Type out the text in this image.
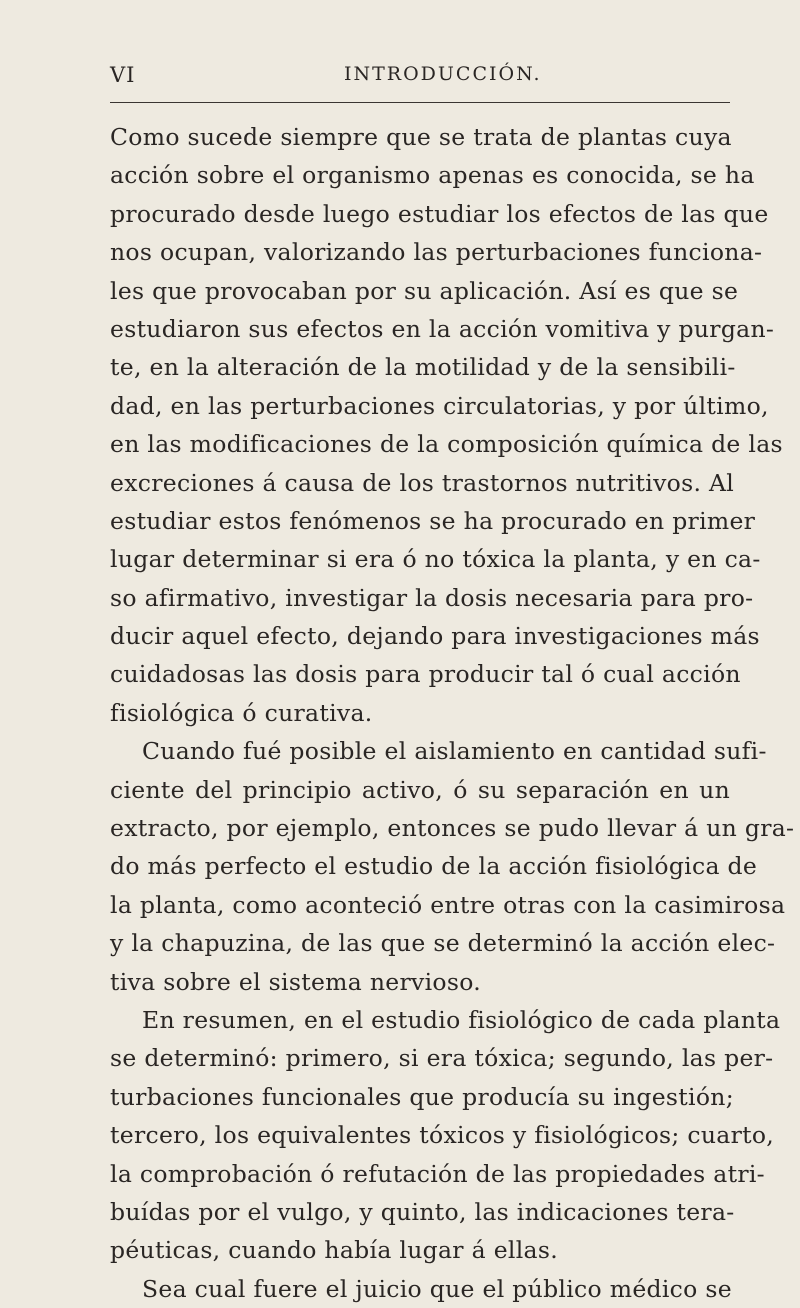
VI	INTRODUCCIÓN.
Como sucede siempre que se trata de plantas cuya
acción sobre el organismo apenas es conocida, se ha
procurado desde luego estudiar los efectos de las que
nos ocupan, valorizando las perturbaciones funciona-
les que provocaban por su aplicación. Así es que se
estudiaron sus efectos en la acción vomitiva y purgan-
te, en la alteración de la motilidad y de la sensibili-
dad, en las perturbaciones circulatorias, y por último,
en las modificaciones de la composición química de las
excreciones á causa de los trastornos nutritivos. Al
estudiar estos fenómenos se ha procurado en primer
lugar determinar si era ó no tóxica la planta, y en ca-
so afirmativo, investigar la dosis necesaria para pro-
ducir aquel efecto, dejando para investigaciones más
cuidadosas las dosis para producir tal ó cual acción
fisiológica ó curativa.
Cuando fué posible el aislamiento en cantidad sufi-
ciente del principio activo, ó su separación en un
extracto, por ejemplo, entonces se pudo llevar á un gra-
do más perfecto el estudio de la acción fisiológica de
la planta, como aconteció entre otras con la casimirosa
y la chapuzina, de las que se determinó la acción elec-
tiva sobre el sistema nervioso.
En resumen, en el estudio fisiológico de cada planta
se determinó: primero, si era tóxica; segundo, las per-
turbaciones funcionales que producía su ingestión;
tercero, los equivalentes tóxicos y fisiológicos; cuarto,
la comprobación ó refutación de las propiedades atri-
buídas por el vulgo, y quinto, las indicaciones tera-
péuticas, cuando había lugar á ellas.
Sea cual fuere el juicio que el público médico se
